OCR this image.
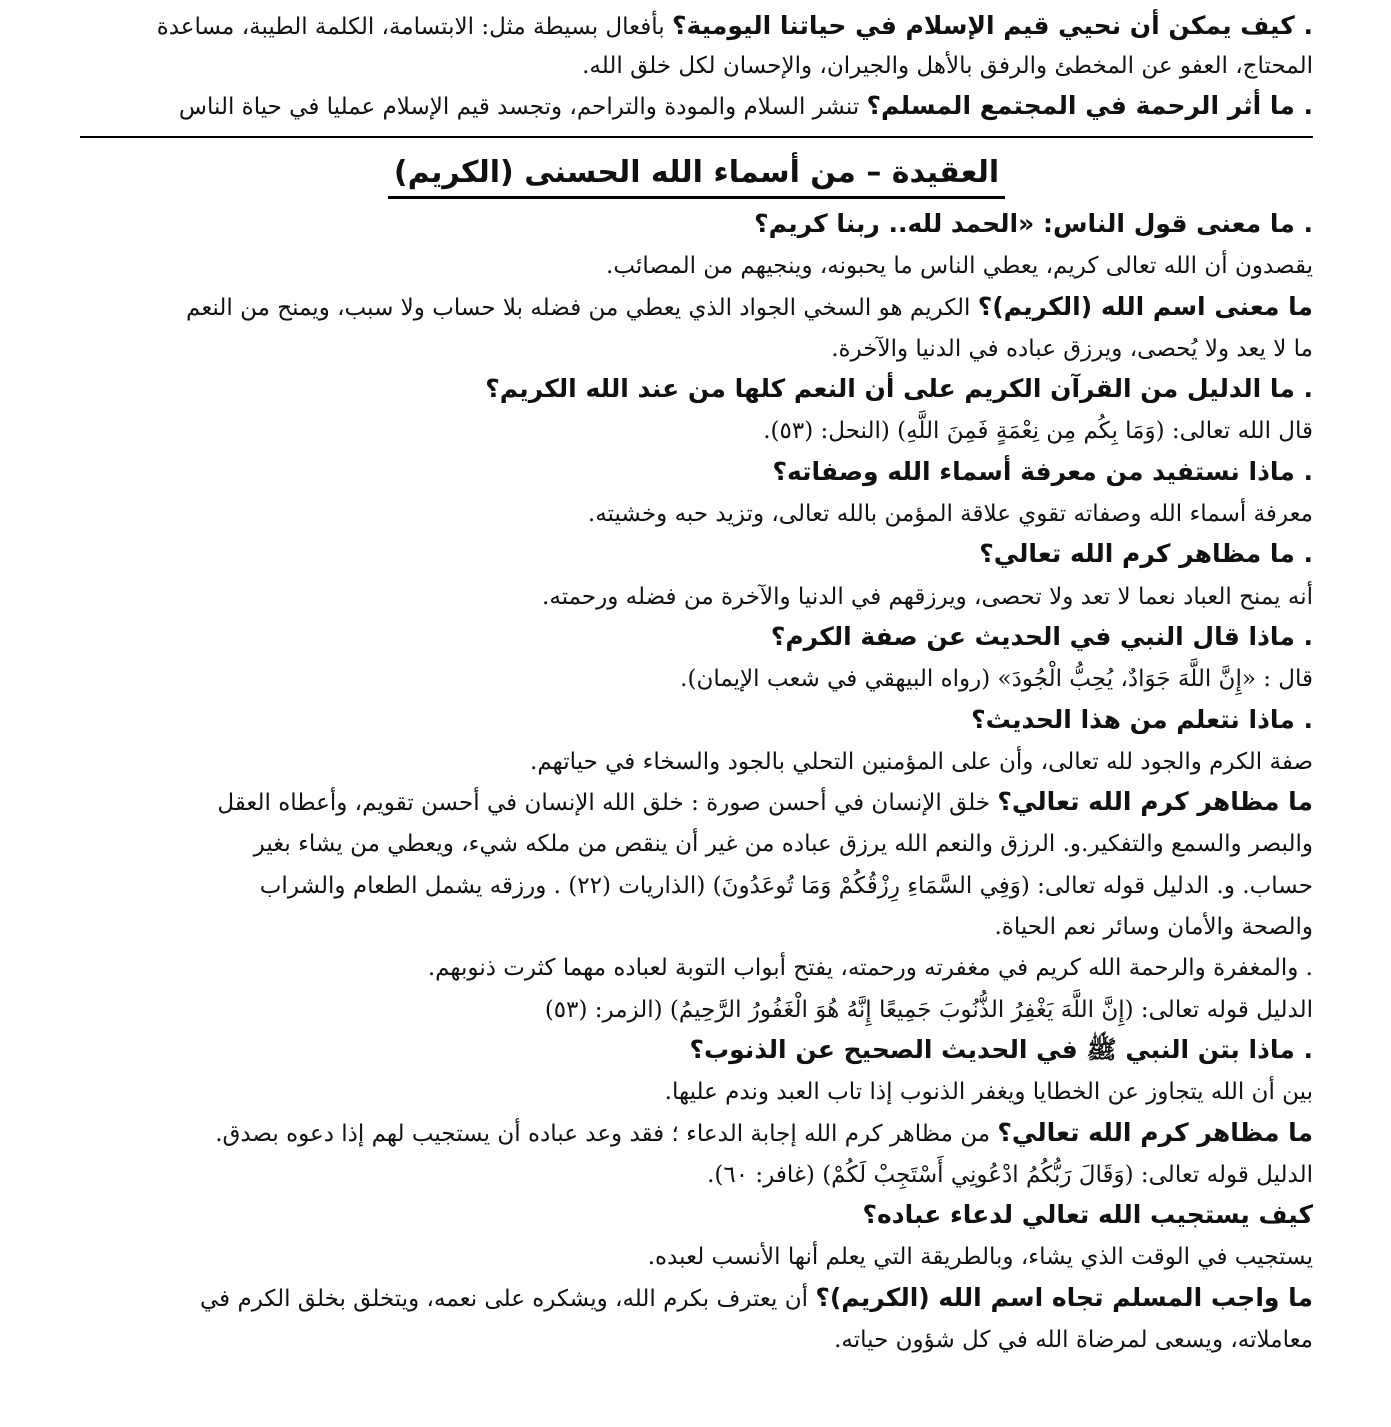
. كيف يمكن أن نحيي قيم الإسلام في حياتنا اليومية؟ بأفعال بسيطة مثل: الابتسامة، الكلمة الطيبة، مساعدة

المحتاج، العفو عن المخطئ والرفق بالأهل والجيران، والإحسان لكل خلق الله.

. ما أثر الرحمة في المجتمع المسلم؟ تنشر السلام والمودة والتراحم، وتجسد قيم الإسلام عمليا في حياة الناس

العقيدة – من أسماء الله الحسنى (الكريم)

. ما معنى قول الناس: «الحمد لله.. ربنا كريم؟

يقصدون أن الله تعالى كريم، يعطي الناس ما يحبونه، وينجيهم من المصائب.

ما معنى اسم الله (الكريم)؟ الكريم هو السخي الجواد الذي يعطي من فضله بلا حساب ولا سبب، ويمنح من النعم

ما لا يعد ولا يُحصى، ويرزق عباده في الدنيا والآخرة.

. ما الدليل من القرآن الكريم على أن النعم كلها من عند الله الكريم؟

قال الله تعالى: (وَمَا بِكُم مِن نِعْمَةٍ فَمِنَ اللَّهِ) (النحل: (٥٣).

. ماذا نستفيد من معرفة أسماء الله وصفاته؟

معرفة أسماء الله وصفاته تقوي علاقة المؤمن بالله تعالى، وتزيد حبه وخشيته.

. ما مظاهر كرم الله تعالي؟

أنه يمنح العباد نعما لا تعد ولا تحصى، ويرزقهم في الدنيا والآخرة من فضله ورحمته.

. ماذا قال النبي في الحديث عن صفة الكرم؟

قال : «إِنَّ اللَّهَ جَوَادٌ، يُحِبُّ الْجُودَ» (رواه البيهقي في شعب الإيمان).

. ماذا نتعلم من هذا الحديث؟

صفة الكرم والجود لله تعالى، وأن على المؤمنين التحلي بالجود والسخاء في حياتهم.

ما مظاهر كرم الله تعالي؟ خلق الإنسان في أحسن صورة : خلق الله الإنسان في أحسن تقويم، وأعطاه العقل

والبصر والسمع والتفكير.و. الرزق والنعم الله يرزق عباده من غير أن ينقص من ملكه شيء، ويعطي من يشاء بغير

حساب. و. الدليل قوله تعالى: (وَفِي السَّمَاءِ رِزْقُكُمْ وَمَا تُوعَدُونَ) (الذاريات (٢٢) . ورزقه يشمل الطعام والشراب

والصحة والأمان وسائر نعم الحياة.

. والمغفرة والرحمة الله كريم في مغفرته ورحمته، يفتح أبواب التوبة لعباده مهما كثرت ذنوبهم.

الدليل قوله تعالى: (إِنَّ اللَّهَ يَغْفِرُ الذُّنُوبَ جَمِيعًا إِنَّهُ هُوَ الْغَفُورُ الرَّحِيمُ) (الزمر: (٥٣)

. ماذا بتن النبي ﷺ في الحديث الصحيح عن الذنوب؟

بين أن الله يتجاوز عن الخطايا ويغفر الذنوب إذا تاب العبد وندم عليها.

ما مظاهر كرم الله تعالي؟ من مظاهر كرم الله إجابة الدعاء ؛ فقد وعد عباده أن يستجيب لهم إذا دعوه بصدق.

الدليل قوله تعالى: (وَقَالَ رَبُّكُمُ ادْعُونِي أَسْتَجِبْ لَكُمْ) (غافر: ٦٠).

كيف يستجيب الله تعالي لدعاء عباده؟

يستجيب في الوقت الذي يشاء، وبالطريقة التي يعلم أنها الأنسب لعبده.

ما واجب المسلم تجاه اسم الله (الكريم)؟ أن يعترف بكرم الله، ويشكره على نعمه، ويتخلق بخلق الكرم في

معاملاته، ويسعى لمرضاة الله في كل شؤون حياته.
